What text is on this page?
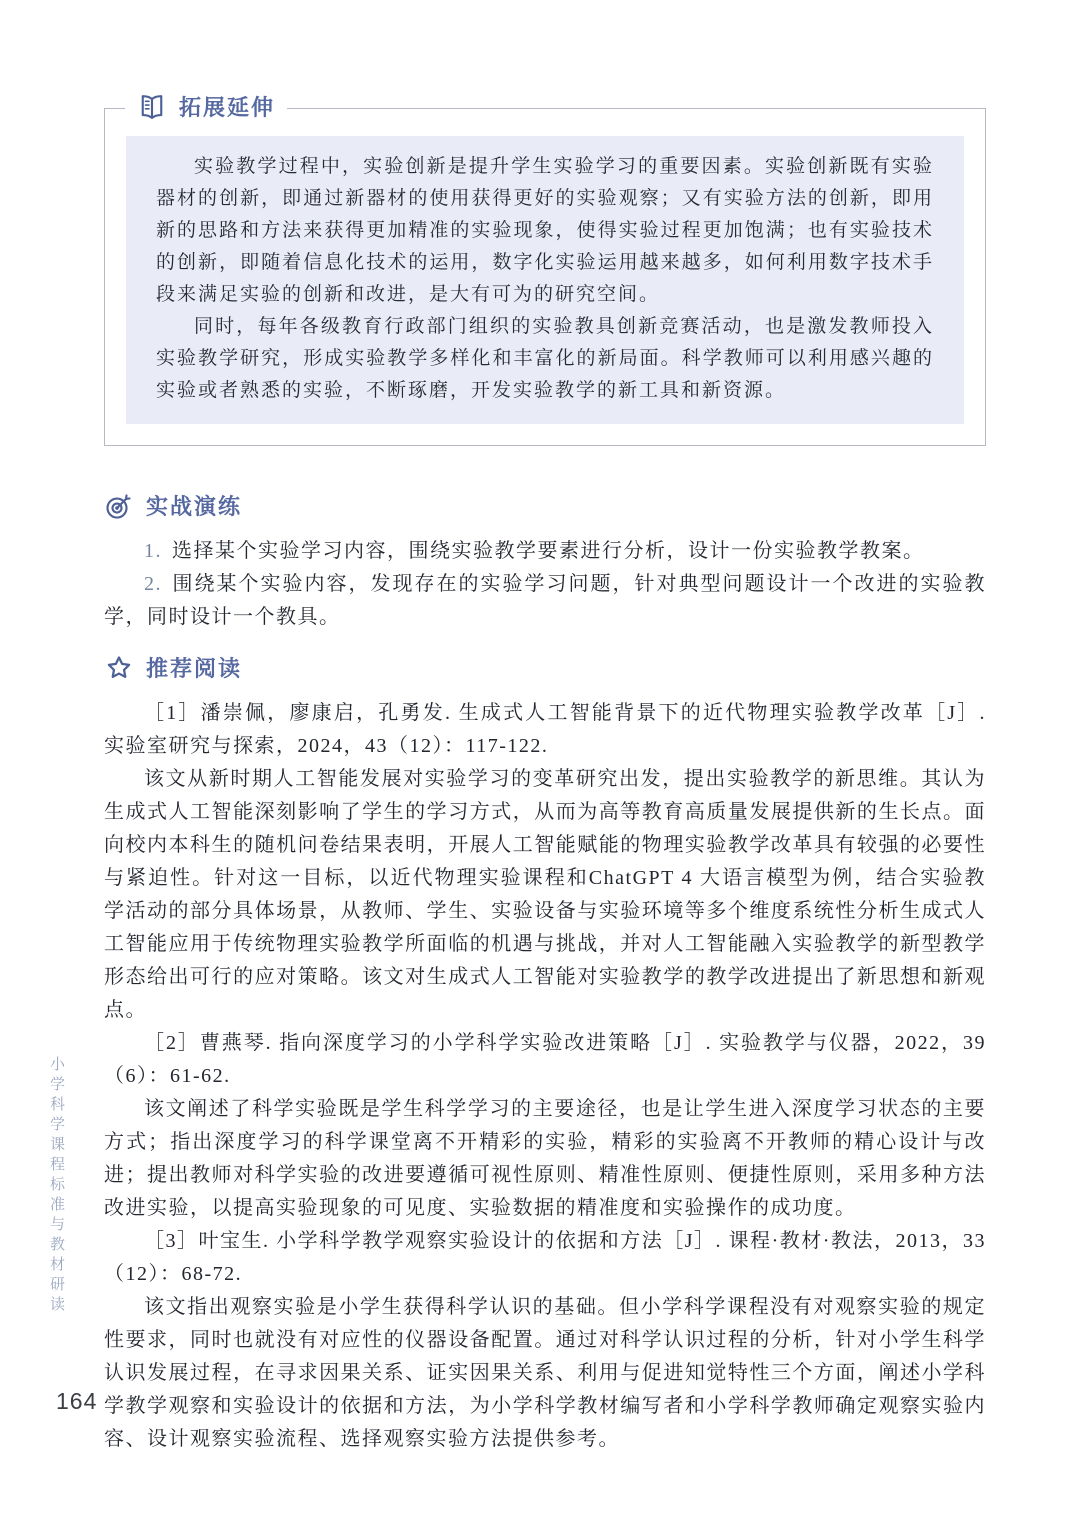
拓展延伸

实验教学过程中，实验创新是提升学生实验学习的重要因素。实验创新既有实验器材的创新，即通过新器材的使用获得更好的实验观察；又有实验方法的创新，即用新的思路和方法来获得更加精准的实验现象，使得实验过程更加饱满；也有实验技术的创新，即随着信息化技术的运用，数字化实验运用越来越多，如何利用数字技术手段来满足实验的创新和改进，是大有可为的研究空间。

同时，每年各级教育行政部门组织的实验教具创新竞赛活动，也是激发教师投入实验教学研究，形成实验教学多样化和丰富化的新局面。科学教师可以利用感兴趣的实验或者熟悉的实验，不断琢磨，开发实验教学的新工具和新资源。

实战演练

1. 选择某个实验学习内容，围绕实验教学要素进行分析，设计一份实验教学教案。

2. 围绕某个实验内容，发现存在的实验学习问题，针对典型问题设计一个改进的实验教学，同时设计一个教具。

推荐阅读

［1］潘崇佩，廖康启，孔勇发. 生成式人工智能背景下的近代物理实验教学改革［J］. 实验室研究与探索，2024，43（12）：117-122.

该文从新时期人工智能发展对实验学习的变革研究出发，提出实验教学的新思维。其认为生成式人工智能深刻影响了学生的学习方式，从而为高等教育高质量发展提供新的生长点。面向校内本科生的随机问卷结果表明，开展人工智能赋能的物理实验教学改革具有较强的必要性与紧迫性。针对这一目标，以近代物理实验课程和ChatGPT 4 大语言模型为例，结合实验教学活动的部分具体场景，从教师、学生、实验设备与实验环境等多个维度系统性分析生成式人工智能应用于传统物理实验教学所面临的机遇与挑战，并对人工智能融入实验教学的新型教学形态给出可行的应对策略。该文对生成式人工智能对实验教学的教学改进提出了新思想和新观点。

［2］曹燕琴. 指向深度学习的小学科学实验改进策略［J］. 实验教学与仪器，2022，39（6）：61-62.

该文阐述了科学实验既是学生科学学习的主要途径，也是让学生进入深度学习状态的主要方式；指出深度学习的科学课堂离不开精彩的实验，精彩的实验离不开教师的精心设计与改进；提出教师对科学实验的改进要遵循可视性原则、精准性原则、便捷性原则，采用多种方法改进实验，以提高实验现象的可见度、实验数据的精准度和实验操作的成功度。

［3］叶宝生. 小学科学教学观察实验设计的依据和方法［J］. 课程·教材·教法，2013，33（12）：68-72.

该文指出观察实验是小学生获得科学认识的基础。但小学科学课程没有对观察实验的规定性要求，同时也就没有对应性的仪器设备配置。通过对科学认识过程的分析，针对小学生科学认识发展过程，在寻求因果关系、证实因果关系、利用与促进知觉特性三个方面，阐述小学科学教学观察和实验设计的依据和方法，为小学科学教材编写者和小学科学教师确定观察实验内容、设计观察实验流程、选择观察实验方法提供参考。

小学科学课程标准与教材研读
164
